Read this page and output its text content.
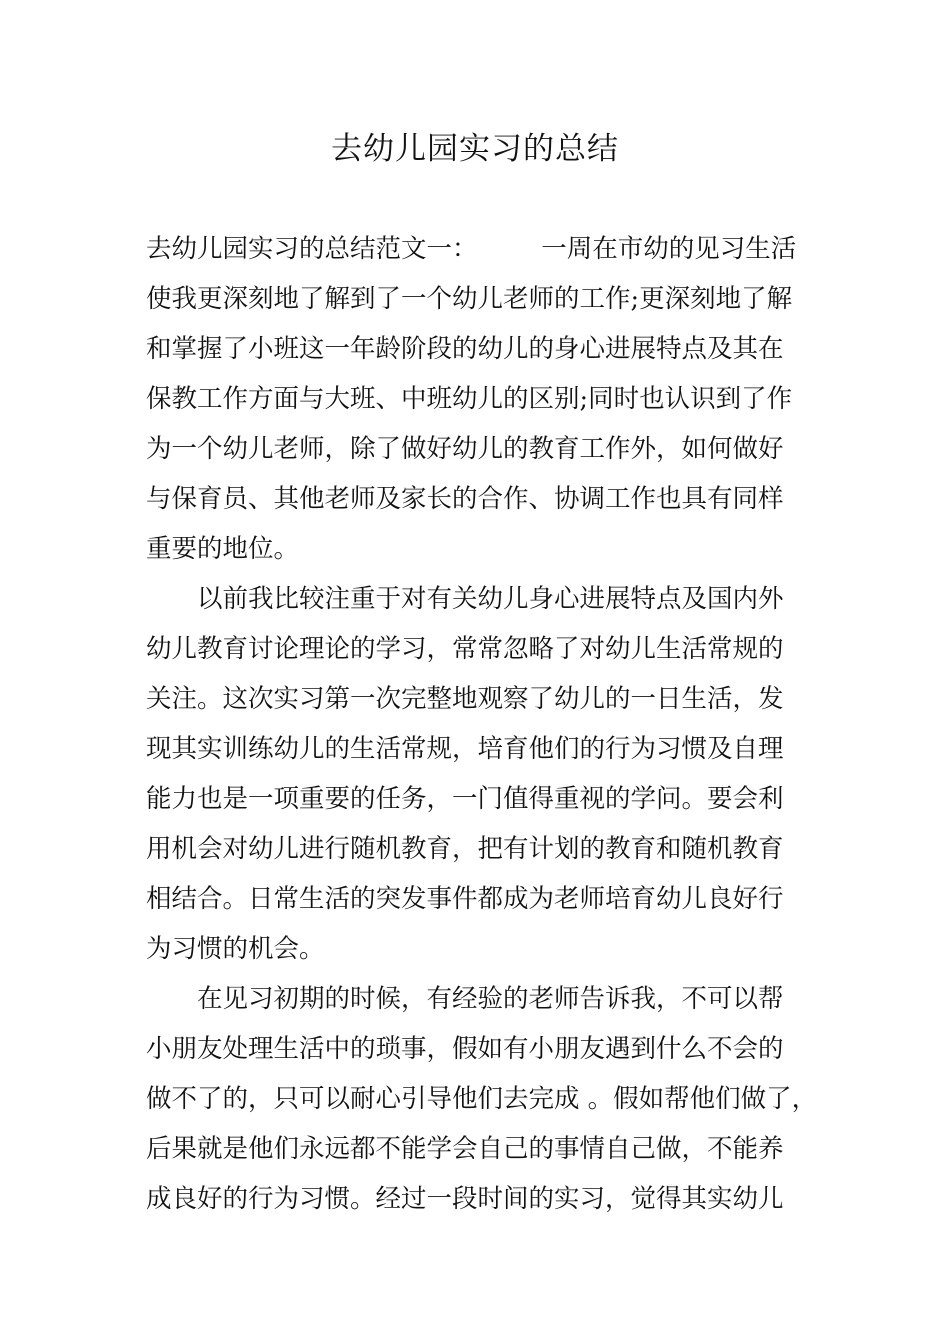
去幼儿园实习的总结

去幼儿园实习的总结范文一：　　　一周在市幼的见习生活

使我更深刻地了解到了一个幼儿老师的工作;更深刻地了解

和掌握了小班这一年龄阶段的幼儿的身心进展特点及其在

保教工作方面与大班、中班幼儿的区别;同时也认识到了作

为一个幼儿老师，除了做好幼儿的教育工作外，如何做好

与保育员、其他老师及家长的合作、协调工作也具有同样

重要的地位。

　　以前我比较注重于对有关幼儿身心进展特点及国内外

幼儿教育讨论理论的学习，常常忽略了对幼儿生活常规的

关注。这次实习第一次完整地观察了幼儿的一日生活，发

现其实训练幼儿的生活常规，培育他们的行为习惯及自理

能力也是一项重要的任务，一门值得重视的学问。要会利

用机会对幼儿进行随机教育，把有计划的教育和随机教育

相结合。日常生活的突发事件都成为老师培育幼儿良好行

为习惯的机会。

　　在见习初期的时候，有经验的老师告诉我，不可以帮

小朋友处理生活中的琐事，假如有小朋友遇到什么不会的

做不了的，只可以耐心引导他们去完成 。假如帮他们做了，

后果就是他们永远都不能学会自己的事情自己做，不能养

成良好的行为习惯。经过一段时间的实习，觉得其实幼儿
